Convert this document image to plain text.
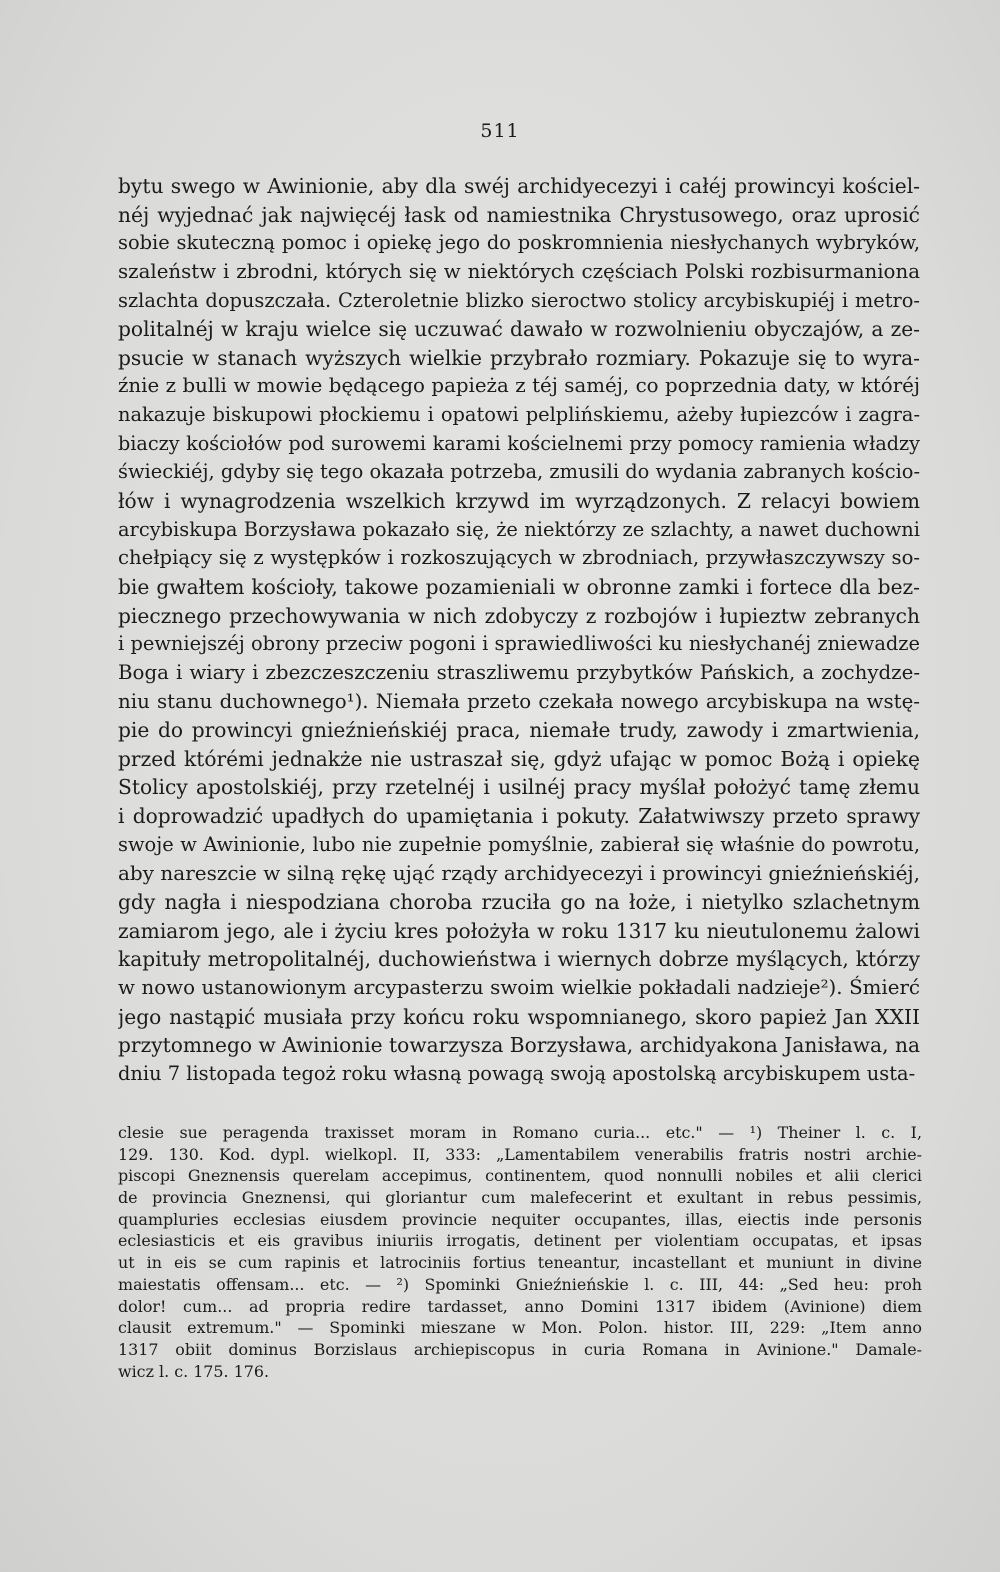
511
bytu swego w Awinionie, aby dla swéj archidyecezyi i całéj prowincyi kościel-
néj wyjednać jak najwięcéj łask od namiestnika Chrystusowego, oraz uprosić
sobie skuteczną pomoc i opiekę jego do poskromnienia niesłychanych wybryków,
szaleństw i zbrodni, których się w niektórych częściach Polski rozbisurmaniona
szlachta dopuszczała. Czteroletnie blizko sieroctwo stolicy arcybiskupiéj i metro-
politalnéj w kraju wielce się uczuwać dawało w rozwolnieniu obyczajów, a ze-
psucie w stanach wyższych wielkie przybrało rozmiary. Pokazuje się to wyra-
źnie z bulli w mowie będącego papieża z téj saméj, co poprzednia daty, w któréj
nakazuje biskupowi płockiemu i opatowi pelplińskiemu, ażeby łupiezców i zagra-
biaczy kościołów pod surowemi karami kościelnemi przy pomocy ramienia władzy
świeckiéj, gdyby się tego okazała potrzeba, zmusili do wydania zabranych kościo-
łów i wynagrodzenia wszelkich krzywd im wyrządzonych. Z relacyi bowiem
arcybiskupa Borzysława pokazało się, że niektórzy ze szlachty, a nawet duchowni
chełpiący się z występków i rozkoszujących w zbrodniach, przywłaszczywszy so-
bie gwałtem kościoły, takowe pozamieniali w obronne zamki i fortece dla bez-
piecznego przechowywania w nich zdobyczy z rozbojów i łupieztw zebranych
i pewniejszéj obrony przeciw pogoni i sprawiedliwości ku niesłychanéj zniewadze
Boga i wiary i zbezczeszczeniu straszliwemu przybytków Pańskich, a zochydze-
niu stanu duchownego¹). Niemała przeto czekała nowego arcybiskupa na wstę-
pie do prowincyi gnieźnieńskiéj praca, niemałe trudy, zawody i zmartwienia,
przed którémi jednakże nie ustraszał się, gdyż ufając w pomoc Bożą i opiekę
Stolicy apostolskiéj, przy rzetelnéj i usilnéj pracy myślał położyć tamę złemu
i doprowadzić upadłych do upamiętania i pokuty. Załatwiwszy przeto sprawy
swoje w Awinionie, lubo nie zupełnie pomyślnie, zabierał się właśnie do powrotu,
aby nareszcie w silną rękę ująć rządy archidyecezyi i prowincyi gnieźnieńskiéj,
gdy nagła i niespodziana choroba rzuciła go na łoże, i nietylko szlachetnym
zamiarom jego, ale i życiu kres położyła w roku 1317 ku nieutulonemu żalowi
kapituły metropolitalnéj, duchowieństwa i wiernych dobrze myślących, którzy
w nowo ustanowionym arcypasterzu swoim wielkie pokładali nadzieje²). Śmierć
jego nastąpić musiała przy końcu roku wspomnianego, skoro papież Jan XXII
przytomnego w Awinionie towarzysza Borzysława, archidyakona Janisława, na
dniu 7 listopada tegoż roku własną powagą swoją apostolską arcybiskupem usta-
clesie sue peragenda traxisset moram in Romano curia... etc." — ¹) Theiner l. c. I,
129. 130. Kod. dypl. wielkopl. II, 333: „Lamentabilem venerabilis fratris nostri archie-
piscopi Gneznensis querelam accepimus, continentem, quod nonnulli nobiles et alii clerici
de provincia Gneznensi, qui gloriantur cum malefecerint et exultant in rebus pessimis,
quampluries ecclesias eiusdem provincie nequiter occupantes, illas, eiectis inde personis
eclesiasticis et eis gravibus iniuriis irrogatis, detinent per violentiam occupatas, et ipsas
ut in eis se cum rapinis et latrociniis fortius teneantur, incastellant et muniunt in divine
maiestatis offensam... etc. — ²) Spominki Gnieźnieńskie l. c. III, 44: „Sed heu: proh
dolor! cum... ad propria redire tardasset, anno Domini 1317 ibidem (Avinione) diem
clausit extremum." — Spominki mieszane w Mon. Polon. histor. III, 229: „Item anno
1317 obiit dominus Borzislaus archiepiscopus in curia Romana in Avinione." Damale-
wicz l. c. 175. 176.
